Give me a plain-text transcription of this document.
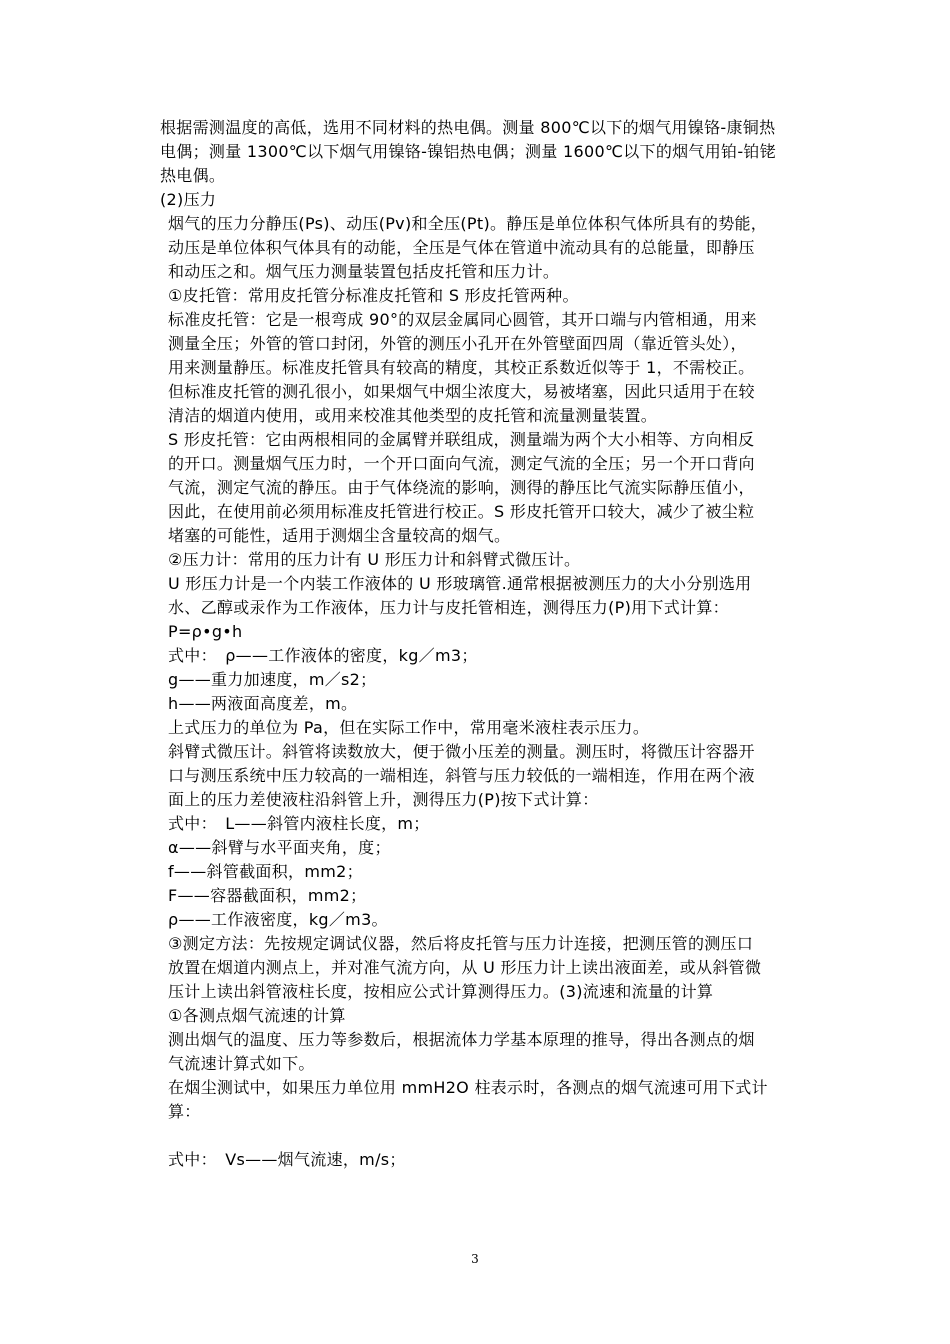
根据需测温度的高低，选用不同材料的热电偶。测量 800℃以下的烟气用镍铬-康铜热
电偶；测量 1300℃以下烟气用镍铬-镍铝热电偶；测量 1600℃以下的烟气用铂-铂铑
热电偶。
(2)压力
烟气的压力分静压(Ps)、动压(Pv)和全压(Pt)。静压是单位体积气体所具有的势能，
动压是单位体积气体具有的动能，全压是气体在管道中流动具有的总能量，即静压
和动压之和。烟气压力测量装置包括皮托管和压力计。
①皮托管：常用皮托管分标准皮托管和 S 形皮托管两种。
标准皮托管：它是一根弯成 90°的双层金属同心圆管，其开口端与内管相通，用来
测量全压；外管的管口封闭，外管的测压小孔开在外管壁面四周（靠近管头处），
用来测量静压。标准皮托管具有较高的精度，其校正系数近似等于 1，不需校正。
但标准皮托管的测孔很小，如果烟气中烟尘浓度大，易被堵塞，因此只适用于在较
清洁的烟道内使用，或用来校准其他类型的皮托管和流量测量装置。
S 形皮托管：它由两根相同的金属臂并联组成，测量端为两个大小相等、方向相反
的开口。测量烟气压力时，一个开口面向气流，测定气流的全压；另一个开口背向
气流，测定气流的静压。由于气体绕流的影响，测得的静压比气流实际静压值小，
因此，在使用前必须用标准皮托管进行校正。S 形皮托管开口较大，减少了被尘粒
堵塞的可能性，适用于测烟尘含量较高的烟气。
②压力计：常用的压力计有 U 形压力计和斜臂式微压计。
U 形压力计是一个内装工作液体的 U 形玻璃管.通常根据被测压力的大小分别选用
水、乙醇或汞作为工作液体，压力计与皮托管相连，测得压力(P)用下式计算：
P=ρ•g•h
式中：　ρ——工作液体的密度，kg／m3；
g——重力加速度，m／s2；
h——两液面高度差，m。
上式压力的单位为 Pa，但在实际工作中，常用毫米液柱表示压力。
斜臂式微压计。斜管将读数放大，便于微小压差的测量。测压时，将微压计容器开
口与测压系统中压力较高的一端相连，斜管与压力较低的一端相连，作用在两个液
面上的压力差使液柱沿斜管上升，测得压力(P)按下式计算：
式中：　L——斜管内液柱长度，m；
α——斜臂与水平面夹角，度；
f——斜管截面积，mm2；
F——容器截面积，mm2；
ρ——工作液密度，kg／m3。
③测定方法：先按规定调试仪器，然后将皮托管与压力计连接，把测压管的测压口
放置在烟道内测点上，并对准气流方向，从 U 形压力计上读出液面差，或从斜管微
压计上读出斜管液柱长度，按相应公式计算测得压力。(3)流速和流量的计算
①各测点烟气流速的计算
测出烟气的温度、压力等参数后，根据流体力学基本原理的推导，得出各测点的烟
气流速计算式如下。
在烟尘测试中，如果压力单位用 mmH2O 柱表示时，各测点的烟气流速可用下式计
算：
式中：　Vs——烟气流速，m/s；
3
